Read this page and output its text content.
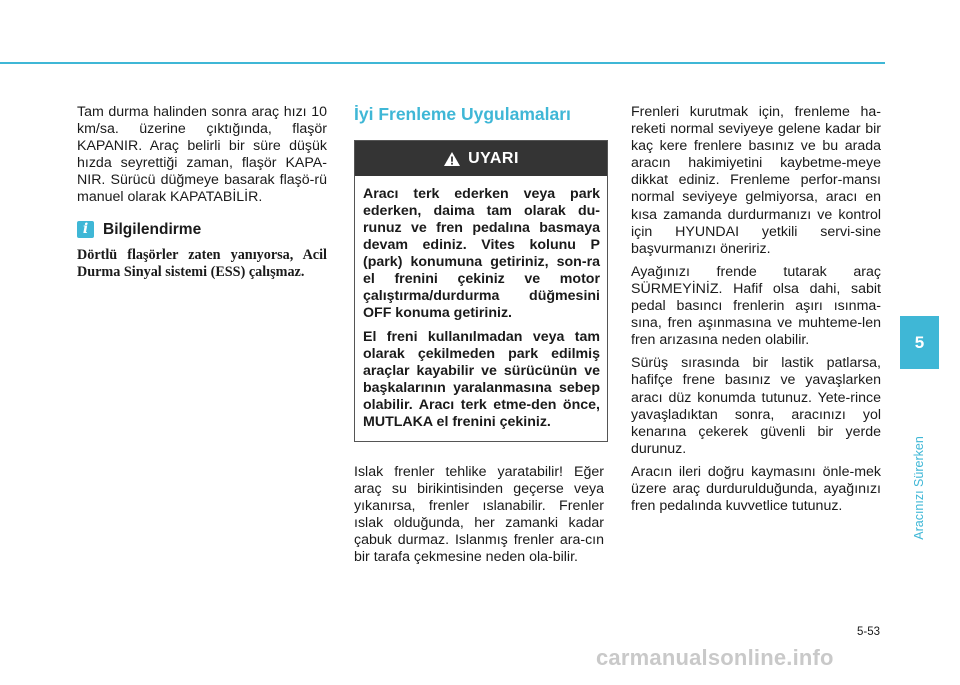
Tam durma halinden sonra araç hızı 10 km/sa. üzerine çıktığında, flaşör KAPANIR. Araç belirli bir süre düşük hızda seyrettiği zaman, flaşör KAPA-NIR. Sürücü düğmeye basarak flaşö-rü manuel olarak KAPATABİLİR.

i Bilgilendirme

Dörtlü flaşörler zaten yanıyorsa, Acil Durma Sinyal sistemi (ESS) çalışmaz.

İyi Frenleme Uygulamaları
UYARI

Aracı terk ederken veya park ederken, daima tam olarak du-runuz ve fren pedalına basmaya devam ediniz. Vites kolunu P (park) konumuna getiriniz, son-ra el frenini çekiniz ve motor çalıştırma/durdurma düğmesini OFF konuma getiriniz.

El freni kullanılmadan veya tam olarak çekilmeden park edilmiş araçlar kayabilir ve sürücünün ve başkalarının yaralanmasına sebep olabilir. Aracı terk etme-den önce, MUTLAKA el frenini çekiniz.

Islak frenler tehlike yaratabilir! Eğer araç su birikintisinden geçerse veya yıkanırsa, frenler ıslanabilir. Frenler ıslak olduğunda, her zamanki kadar çabuk durmaz. Islanmış frenler ara-cın bir tarafa çekmesine neden ola-bilir.

Frenleri kurutmak için, frenleme ha-reketi normal seviyeye gelene kadar bir kaç kere frenlere basınız ve bu arada aracın hakimiyetini kaybetme-meye dikkat ediniz. Frenleme perfor-mansı normal seviyeye gelmiyorsa, aracı en kısa zamanda durdurmanızı ve kontrol için HYUNDAI yetkili servi-sine başvurmanızı öneririz.

Ayağınızı frende tutarak araç SÜRMEYİNİZ. Hafif olsa dahi, sabit pedal basıncı frenlerin aşırı ısınma-sına, fren aşınmasına ve muhteme-len fren arızasına neden olabilir.

Sürüş sırasında bir lastik patlarsa, hafifçe frene basınız ve yavaşlarken aracı düz konumda tutunuz. Yete-rince yavaşladıktan sonra, aracınızı yol kenarına çekerek güvenli bir yerde durunuz.

Aracın ileri doğru kaymasını önle-mek üzere araç durdurulduğunda, ayağınızı fren pedalında kuvvetlice tutunuz.

5
Aracınızı Sürerken
5-53
carmanualsonline.info
